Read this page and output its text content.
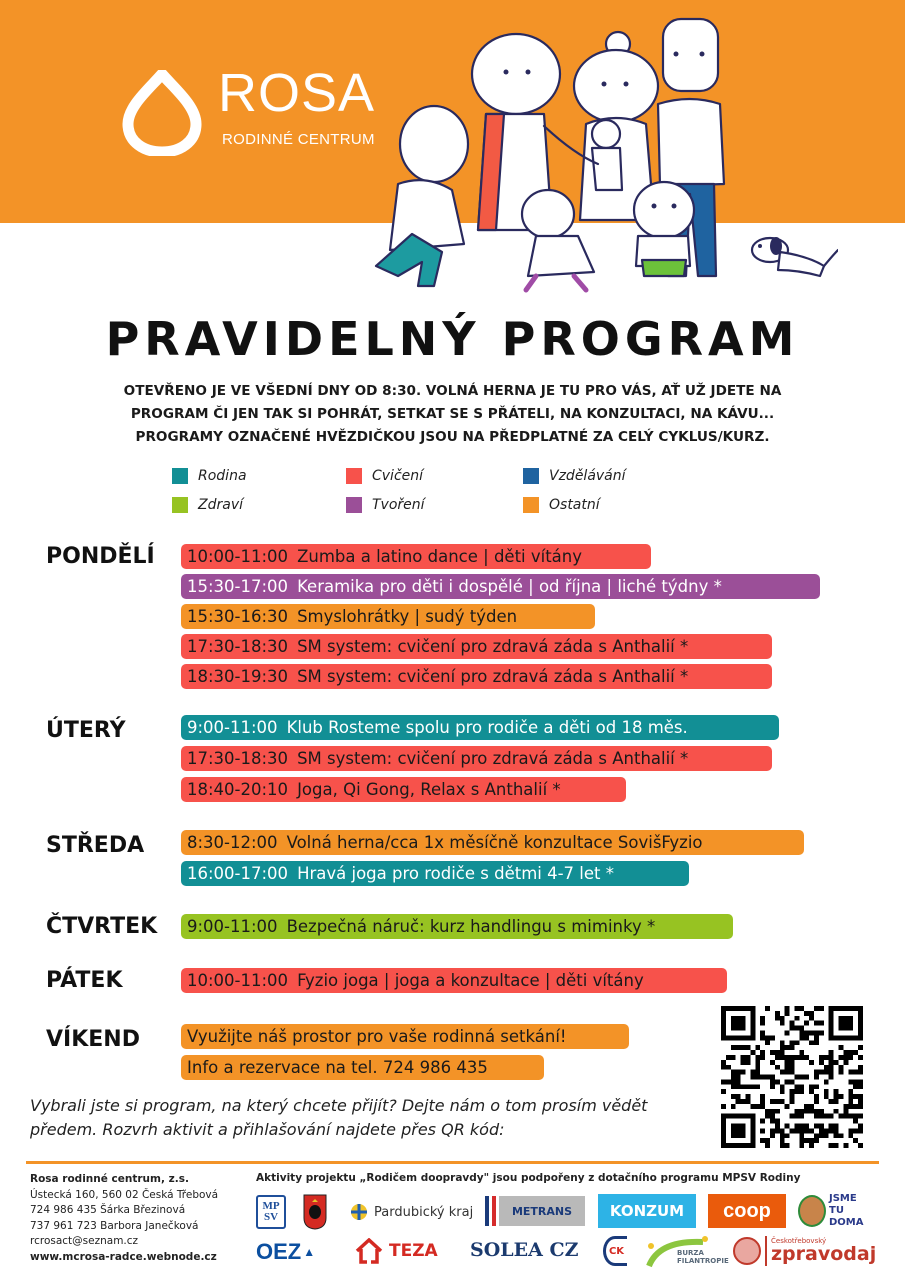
ROSA
RODINNÉ CENTRUM
PRAVIDELNÝ PROGRAM
OTEVŘENO JE VE VŠEDNÍ DNY OD 8:30. VOLNÁ HERNA JE TU PRO VÁS, AŤ UŽ JDETE NA
PROGRAM ČI JEN TAK SI POHRÁT, SETKAT SE S PŘÁTELI, NA KONZULTACI, NA KÁVU...
PROGRAMY OZNAČENÉ HVĚZDIČKOU JSOU NA PŘEDPLATNÉ ZA CELÝ CYKLUS/KURZ.
Rodina	Cvičení	Vzdělávání
Zdraví	Tvoření	Ostatní
PONDĚLÍ	10:00-11:00 Zumba a latino dance | děti vítány
15:30-17:00 Keramika pro děti i dospělé | od října | liché týdny *
15:30-16:30 Smyslohrátky | sudý týden
17:30-18:30 SM system: cvičení pro zdravá záda s Anthalií *
18:30-19:30 SM system: cvičení pro zdravá záda s Anthalií *
ÚTERÝ	9:00-11:00 Klub Rosteme spolu pro rodiče a děti od 18 měs.
17:30-18:30 SM system: cvičení pro zdravá záda s Anthalií *
18:40-20:10 Joga, Qi Gong, Relax s Anthalií *
STŘEDA	8:30-12:00 Volná herna/cca 1x měsíčně konzultace SovišFyzio
16:00-17:00 Hravá joga pro rodiče s dětmi 4-7 let *
ČTVRTEK	9:00-11:00 Bezpečná náruč: kurz handlingu s miminky *
PÁTEK	10:00-11:00 Fyzio joga | joga a konzultace | děti vítány
VÍKEND	Využijte náš prostor pro vaše rodinná setkání!
Info a rezervace na tel. 724 986 435
Vybrali jste si program, na který chcete přijít? Dejte nám o tom prosím vědět předem. Rozvrh aktivit a přihlašování najdete přes QR kód:
Rosa rodinné centrum, z.s.
Ústecká 160, 560 02 Česká Třebová
724 986 435 Šárka Březinová
737 961 723 Barbora Janečková
rcrosact@seznam.cz
www.mcrosa-radce.webnode.cz
Aktivity projektu „Rodičem doopravdy" jsou podpořeny z dotačního programu MPSV Rodiny
MP SV	Pardubický kraj	METRANS	KONZUM coop
JSME TU DOMA
OEZ ▲	TEZA SOLEA CZ	CK	BURZA FILANTROPIE
Českotřebovský
zpravodaj
